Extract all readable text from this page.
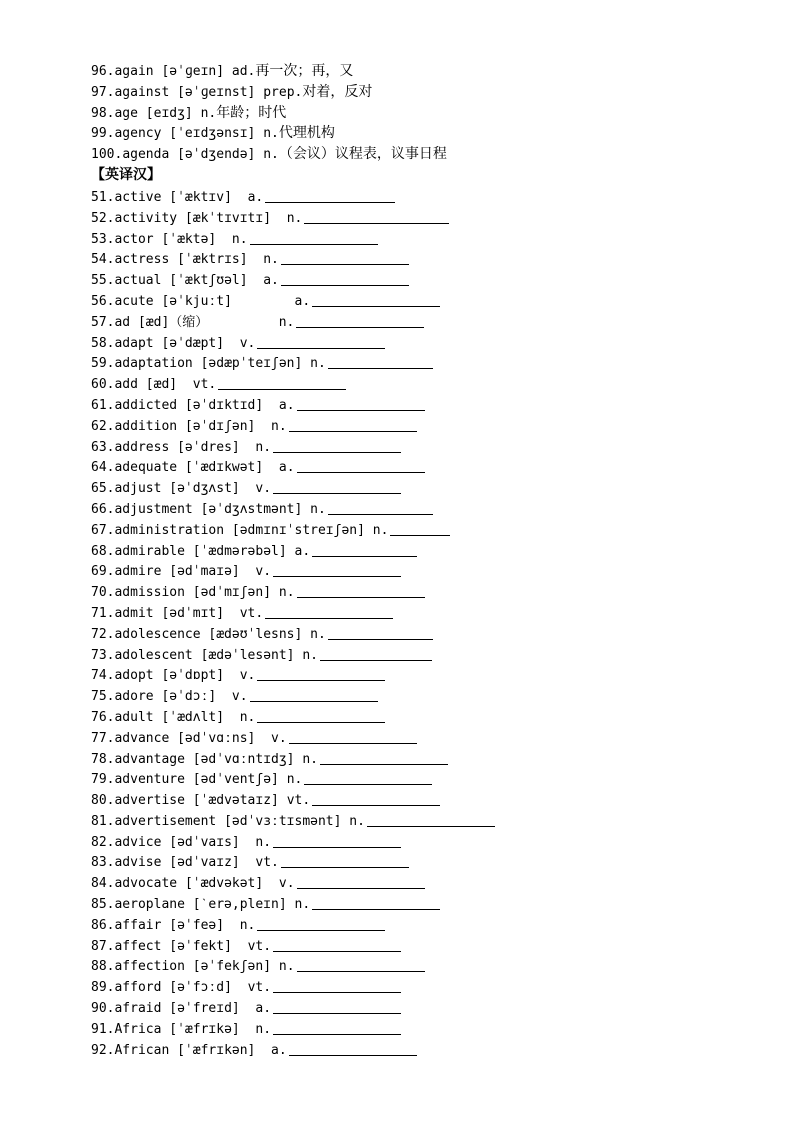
96. again
[əˈɡeɪn]
ad. 再一次；再，又
97. against
[əˈɡeɪnst]
prep. 对着，反对
98. age
[eɪdʒ]
n. 年龄；时代
99. agency
[ˈeɪdʒənsɪ]
n. 代理机构
100. agenda
[əˈdʒendə]
n. （会议）议程表，议事日程
【英译汉】
51. active
[ˈæktɪv]
a.
52. activity
[ækˈtɪvɪtɪ]
n.
53. actor
[ˈæktə]
n.
54. actress
[ˈæktrɪs]
n.
55. actual
[ˈæktʃʊəl]
a.
56. acute
[əˈkjuːt]
	a.
57. ad
[æd]（缩）
	n.
58. adapt
[əˈdæpt]
v.
59. adaptation
[ədæpˈteɪʃən]
n.
60. add
[æd]
vt.
61. addicted
[əˈdɪktɪd]
a.
62. addition
[əˈdɪʃən]
n.
63. address
[əˈdres]
n.
64. adequate
[ˈædɪkwət]
a.
65. adjust
[əˈdʒʌst]
v.
66. adjustment
[əˈdʒʌstmənt]
n.
67. administration
[ədmɪnɪˈstreɪʃən]
n.
68. admirable
[ˈædmərəbəl]
a.
69. admire
[ədˈmaɪə]
v.
70. admission
[ədˈmɪʃən]
n.
71. admit
[ədˈmɪt]
vt.
72. adolescence
[ædəʊˈlesns]
n.
73. adolescent
[ædəˈlesənt]
n.
74. adopt
[əˈdɒpt]
v.
75. adore
[əˈdɔː]
v.
76. adult
[ˈædʌlt]
n.
77. advance
[ədˈvɑːns]
v.
78. advantage
[ədˈvɑːntɪdʒ]
n.
79. adventure
[ədˈventʃə]
n.
80. advertise
[ˈædvətaɪz]
vt.
81. advertisement
[ədˈvɜːtɪsmənt]
n.
82. advice
[ədˈvaɪs]
n.
83. advise
[ədˈvaɪz]
vt.
84. advocate
[ˈædvəkət]
v.
85. aeroplane
[ˋerə,pleɪn]
n.
86. affair
[əˈfeə]
n.
87. affect
[əˈfekt]
vt.
88. affection
[əˈfekʃən]
n.
89. afford
[əˈfɔːd]
vt.
90. afraid
[əˈfreɪd]
a.
91. Africa
[ˈæfrɪkə]
n.
92. African
[ˈæfrɪkən]
a.
